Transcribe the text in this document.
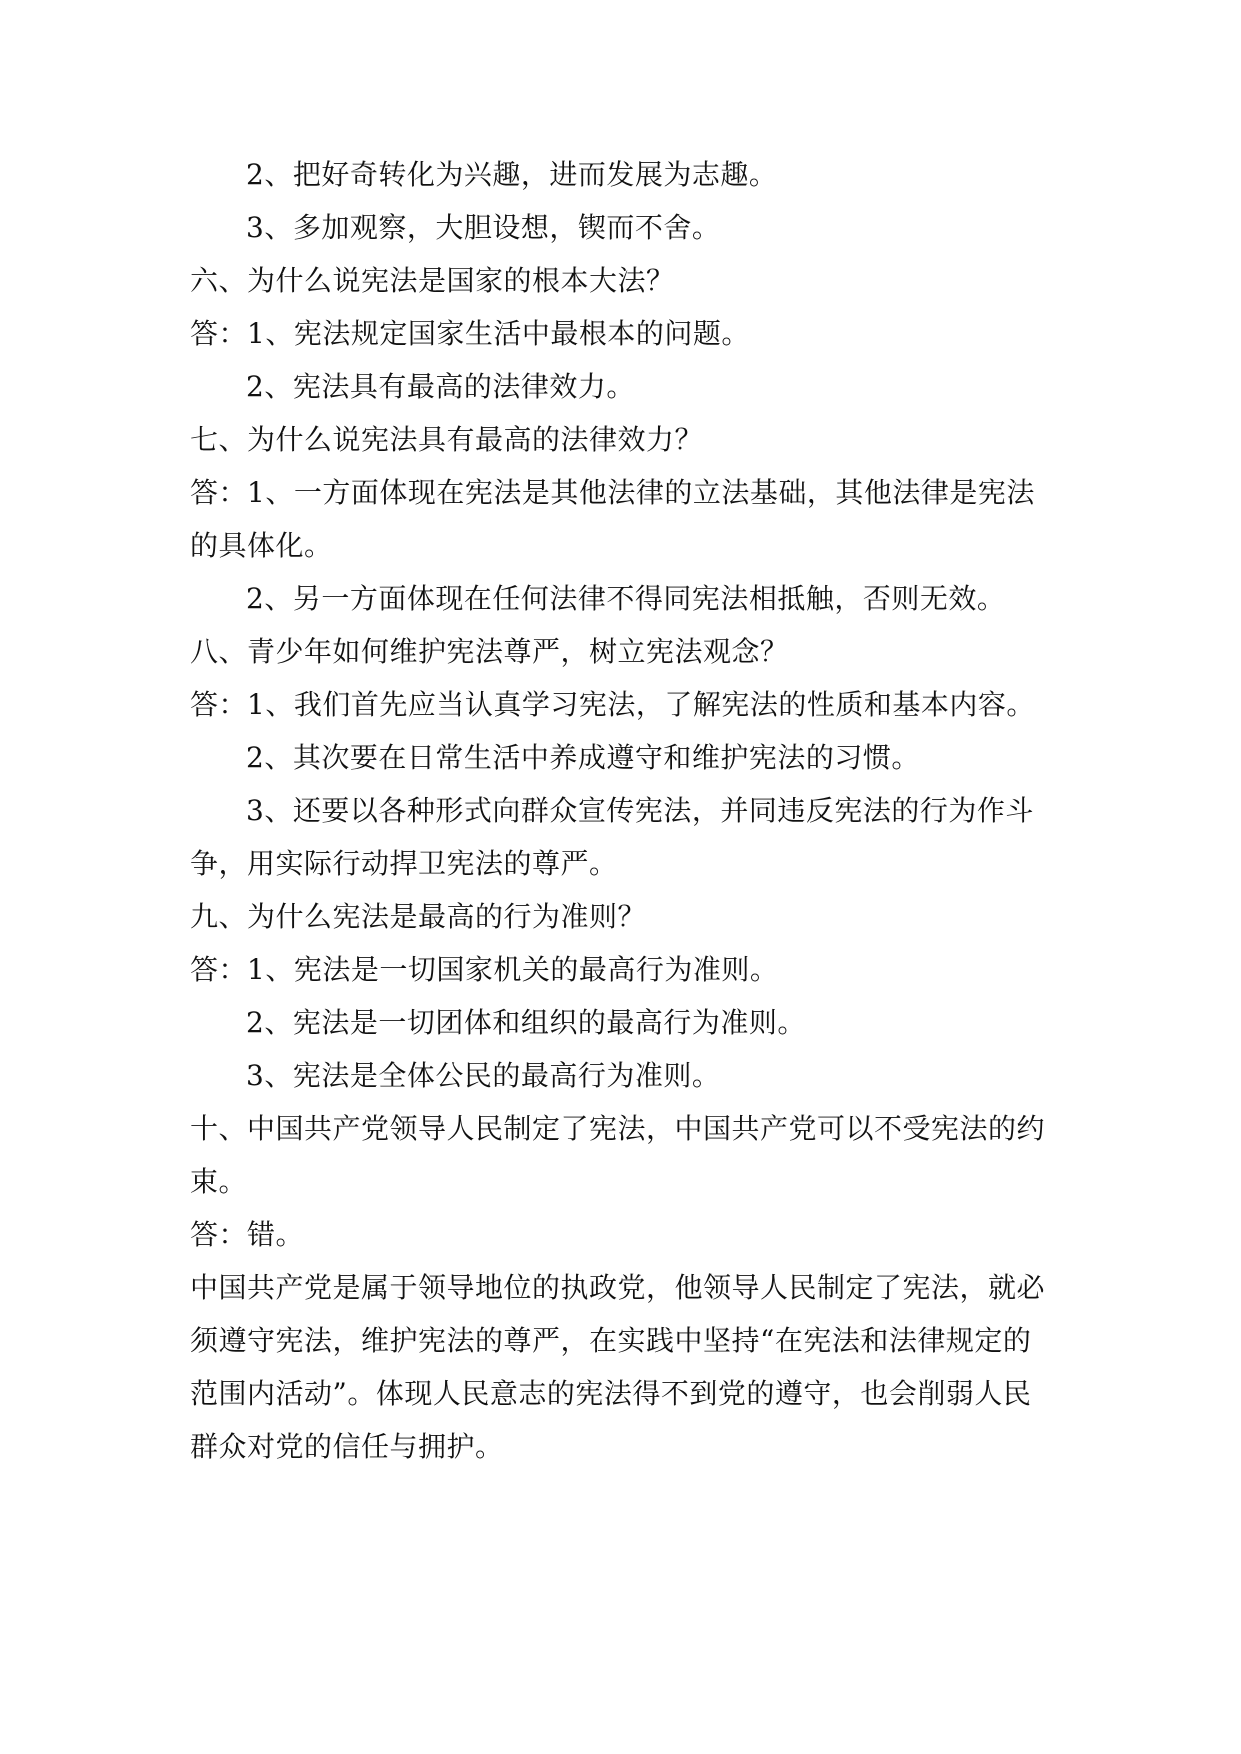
2、把好奇转化为兴趣，进而发展为志趣。
3、多加观察，大胆设想，锲而不舍。
六、为什么说宪法是国家的根本大法？
答：1、宪法规定国家生活中最根本的问题。
2、宪法具有最高的法律效力。
七、为什么说宪法具有最高的法律效力？
答：1、一方面体现在宪法是其他法律的立法基础，其他法律是宪法
的具体化。
2、另一方面体现在任何法律不得同宪法相抵触，否则无效。
八、青少年如何维护宪法尊严，树立宪法观念？
答：1、我们首先应当认真学习宪法，了解宪法的性质和基本内容。
2、其次要在日常生活中养成遵守和维护宪法的习惯。
3、还要以各种形式向群众宣传宪法，并同违反宪法的行为作斗
争，用实际行动捍卫宪法的尊严。
九、为什么宪法是最高的行为准则？
答：1、宪法是一切国家机关的最高行为准则。
2、宪法是一切团体和组织的最高行为准则。
3、宪法是全体公民的最高行为准则。
十、中国共产党领导人民制定了宪法，中国共产党可以不受宪法的约
束。
答：错。
中国共产党是属于领导地位的执政党，他领导人民制定了宪法，就必
须遵守宪法，维护宪法的尊严，在实践中坚持“在宪法和法律规定的
范围内活动”。体现人民意志的宪法得不到党的遵守，也会削弱人民
群众对党的信任与拥护。
